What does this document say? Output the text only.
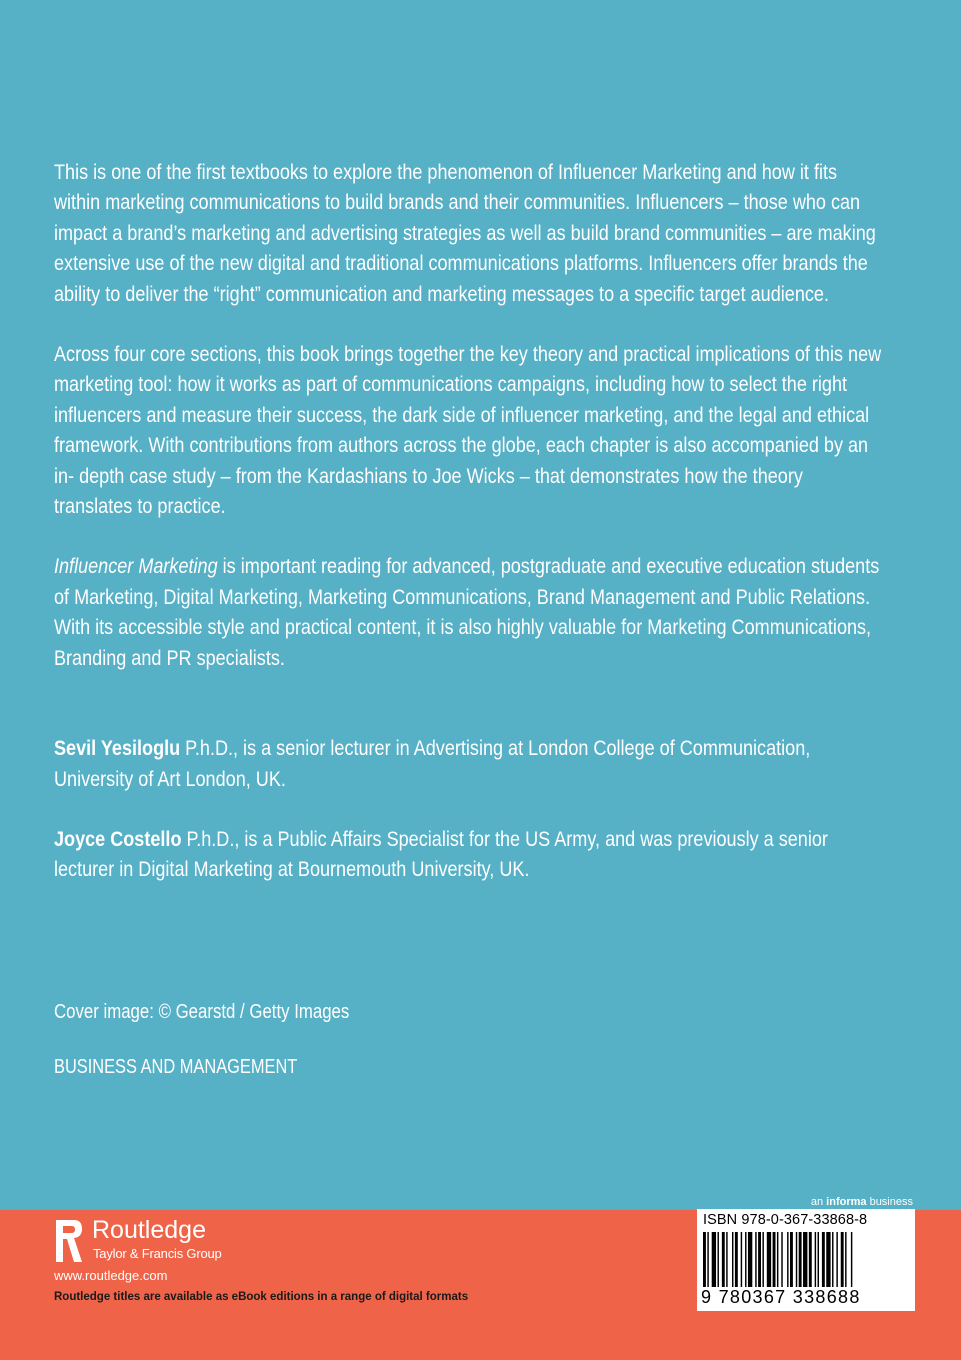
This is one of the first textbooks to explore the phenomenon of Influencer Marketing and how it fits within marketing communications to build brands and their communities. Influencers – those who can impact a brand’s marketing and advertising strategies as well as build brand communities – are making extensive use of the new digital and traditional communications platforms. Influencers offer brands the ability to deliver the “right” communication and marketing messages to a specific target audience.

Across four core sections, this book brings together the key theory and practical implications of this new marketing tool: how it works as part of communications campaigns, including how to select the right influencers and measure their success, the dark side of influencer marketing, and the legal and ethical framework. With contributions from authors across the globe, each chapter is also accompanied by an in- depth case study – from the Kardashians to Joe Wicks – that demonstrates how the theory translates to practice.

Influencer Marketing is important reading for advanced, postgraduate and executive education students of Marketing, Digital Marketing, Marketing Communications, Brand Management and Public Relations. With its accessible style and practical content, it is also highly valuable for Marketing Communications, Branding and PR specialists.

Sevil Yesiloglu P.h.D., is a senior lecturer in Advertising at London College of Communication, University of Art London, UK.

Joyce Costello P.h.D., is a Public Affairs Specialist for the US Army, and was previously a senior lecturer in Digital Marketing at Bournemouth University, UK.

Cover image: © Gearstd / Getty Images
BUSINESS AND MANAGEMENT
Routledge
Taylor & Francis Group
www.routledge.com
Routledge titles are available as eBook editions in a range of digital formats
an informa business
ISBN 978-0-367-33868-8
9 780367 338688
